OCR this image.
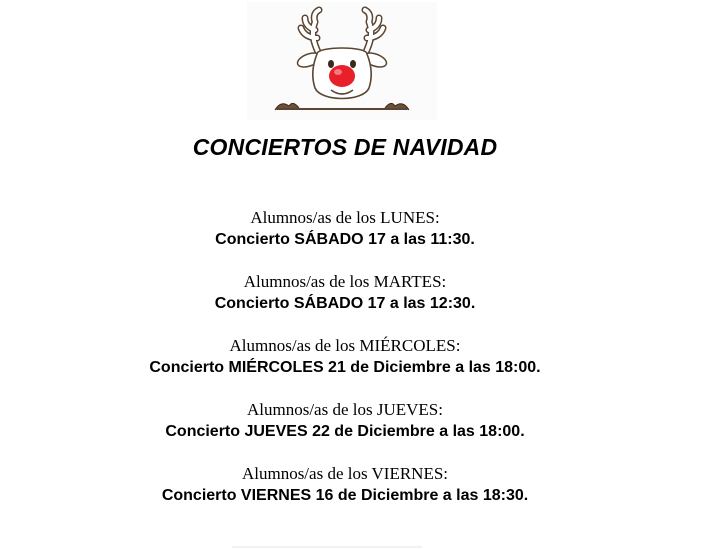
CONCIERTOS DE NAVIDAD
Alumnos/as de los LUNES:
Concierto SÁBADO 17 a las 11:30.
Alumnos/as de los MARTES:
Concierto SÁBADO 17 a las 12:30.
Alumnos/as de los MIÉRCOLES:
Concierto MIÉRCOLES 21 de Diciembre a las 18:00.
Alumnos/as de los JUEVES:
Concierto JUEVES 22 de Diciembre a las 18:00.
Alumnos/as de los VIERNES:
Concierto VIERNES 16 de Diciembre a las 18:30.
